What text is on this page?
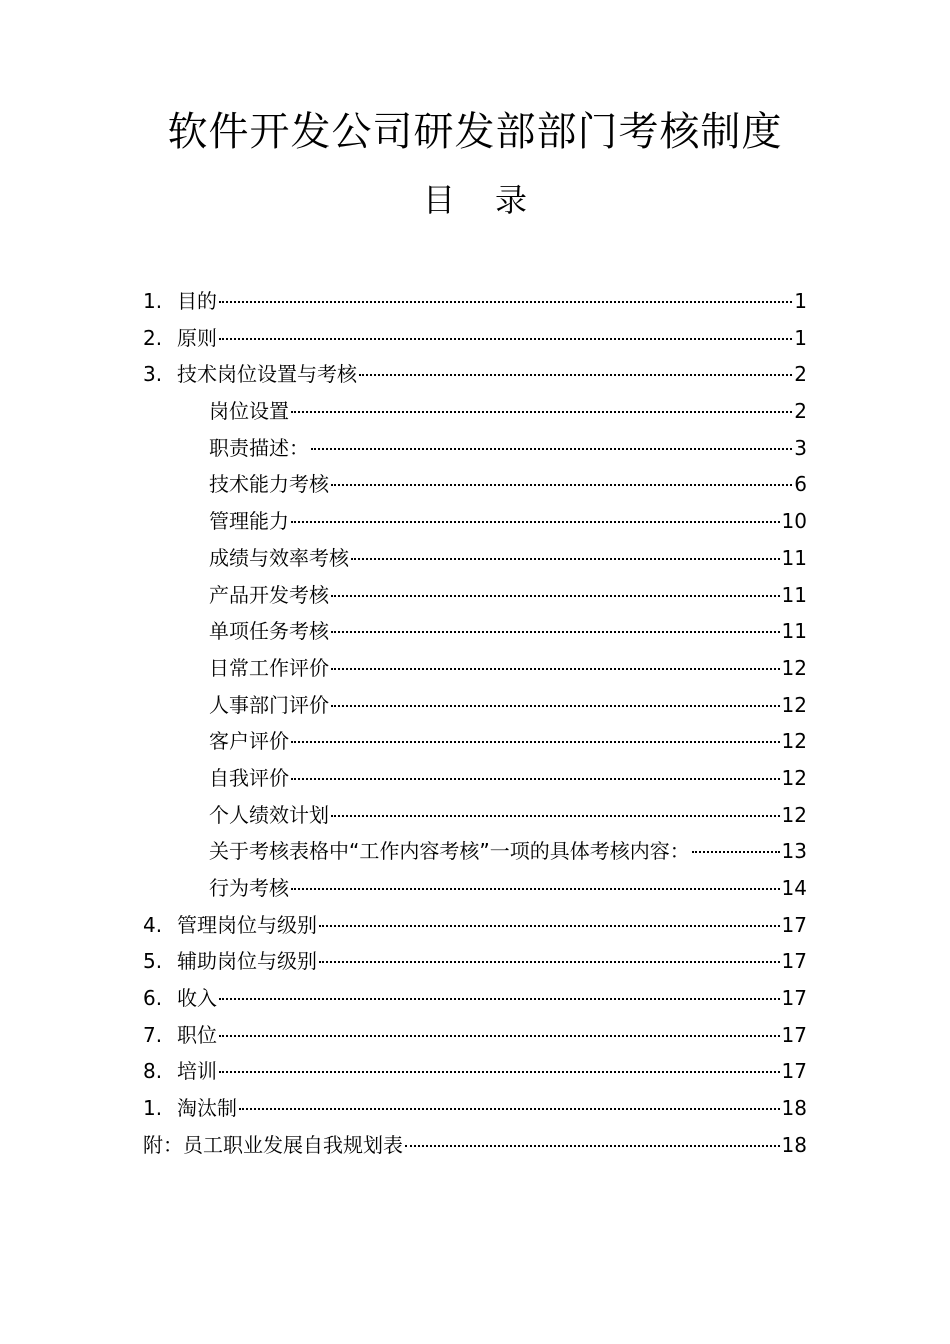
软件开发公司研发部部门考核制度
目 录
1. 目的	1
2. 原则	1
3. 技术岗位设置与考核	2
岗位设置	2
职责描述：	3
技术能力考核	6
管理能力	10
成绩与效率考核	11
产品开发考核	11
单项任务考核	11
日常工作评价	12
人事部门评价	12
客户评价	12
自我评价	12
个人绩效计划	12
关于考核表格中“工作内容考核”一项的具体考核内容：	13
行为考核	14
4. 管理岗位与级别	17
5. 辅助岗位与级别	17
6. 收入	17
7. 职位	17
8. 培训	17
1. 淘汰制	18
附：员工职业发展自我规划表	18
